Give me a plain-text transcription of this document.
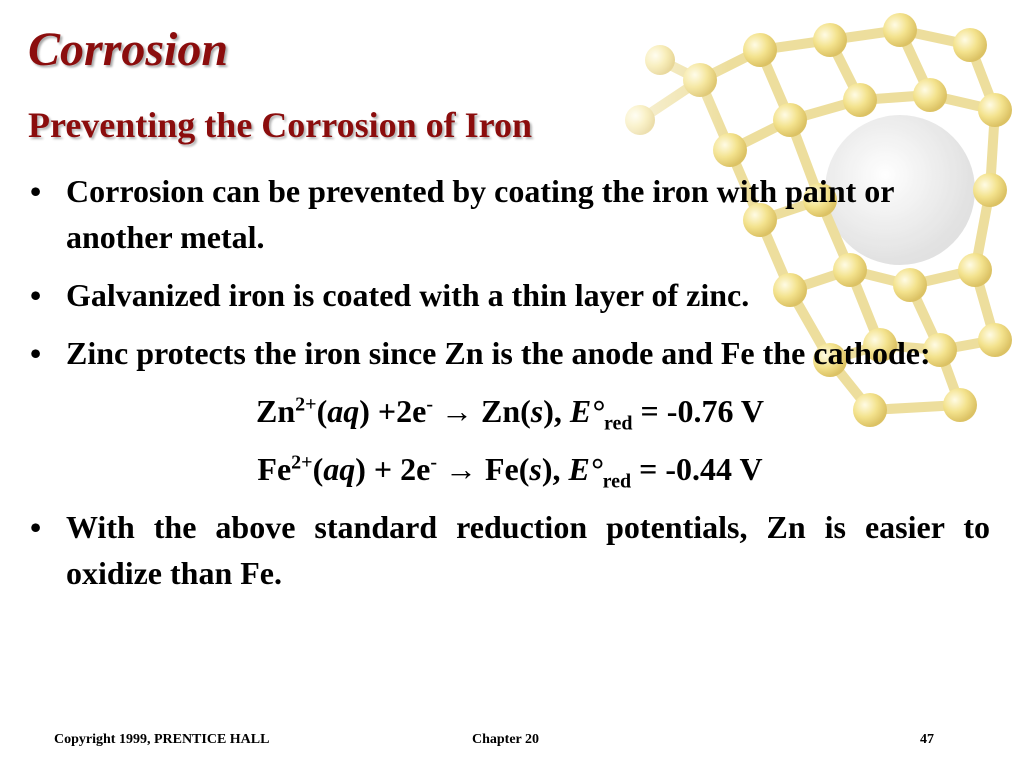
Corrosion
Preventing the Corrosion of Iron
• Corrosion can be prevented by coating the iron with paint or another metal.
• Galvanized iron is coated with a thin layer of zinc.
• Zinc protects the iron since Zn is the anode and Fe the cathode:
$Zn^{2+}(aq) +2e^- \to Zn(s)$, $E^\circ_{red} = -0.76$ V
$Fe^{2+}(aq) + 2e^- \to Fe(s)$, $E^\circ_{red} = -0.44$ V
• With the above standard reduction potentials, Zn is easier to oxidize than Fe.
Copyright 1999, PRENTICE HALL	Chapter 20	47
